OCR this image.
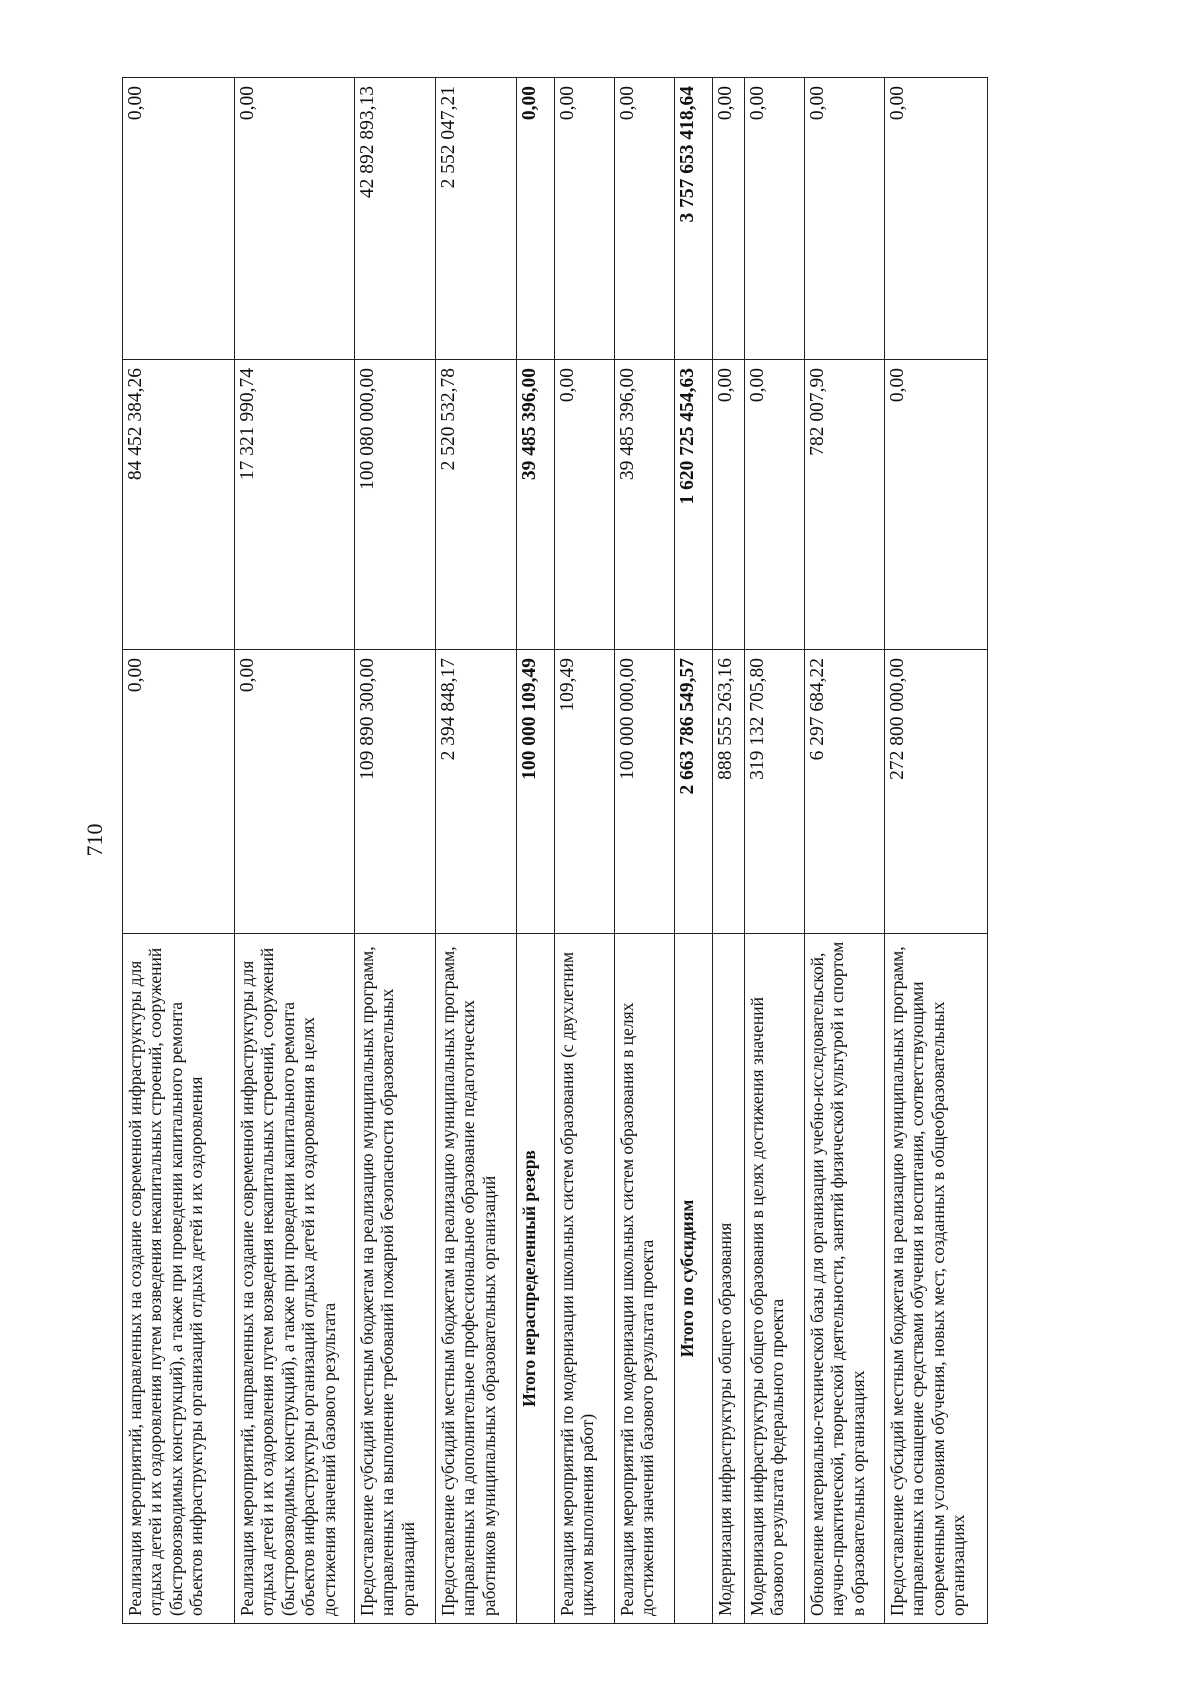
710
Реализация мероприятий, направленных на создание современной инфраструктуры для отдыха детей и их оздоровления путем возведения некапитальных строений, сооружений (быстровозводимых конструкций), а также при проведении капитального ремонта объектов инфраструктуры организаций отдыха детей и их оздоровления	0,00	84 452 384,26	0,00
Реализация мероприятий, направленных на создание современной инфраструктуры для отдыха детей и их оздоровления путем возведения некапитальных строений, сооружений (быстровозводимых конструкций), а также при проведении капитального ремонта объектов инфраструктуры организаций отдыха детей и их оздоровления в целях достижения значений базового результата	0,00	17 321 990,74	0,00
Предоставление субсидий местным бюджетам на реализацию муниципальных программ, направленных на выполнение требований пожарной безопасности образовательных организаций	109 890 300,00	100 080 000,00	42 892 893,13
Предоставление субсидий местным бюджетам на реализацию муниципальных программ, направленных на дополнительное профессиональное образование педагогических работников муниципальных образовательных организаций	2 394 848,17	2 520 532,78	2 552 047,21
Итого нераспределенный резерв	100 000 109,49	39 485 396,00	0,00
Реализация мероприятий по модернизации школьных систем образования (с двухлетним циклом выполнения работ)	109,49	0,00	0,00
Реализация мероприятий по модернизации школьных систем образования в целях достижения значений базового результата проекта	100 000 000,00	39 485 396,00	0,00
Итого по субсидиям	2 663 786 549,57	1 620 725 454,63	3 757 653 418,64
Модернизация инфраструктуры общего образования	888 555 263,16	0,00	0,00
Модернизация инфраструктуры общего образования в целях достижения значений базового результата федерального проекта	319 132 705,80	0,00	0,00
Обновление материально-технической базы для организации учебно-исследовательской, научно-практической, творческой деятельности, занятий физической культурой и спортом в образовательных организациях	6 297 684,22	782 007,90	0,00
Предоставление субсидий местным бюджетам на реализацию муниципальных программ, направленных на оснащение средствами обучения и воспитания, соответствующими современным условиям обучения, новых мест, созданных в общеобразовательных организациях	272 800 000,00	0,00	0,00
